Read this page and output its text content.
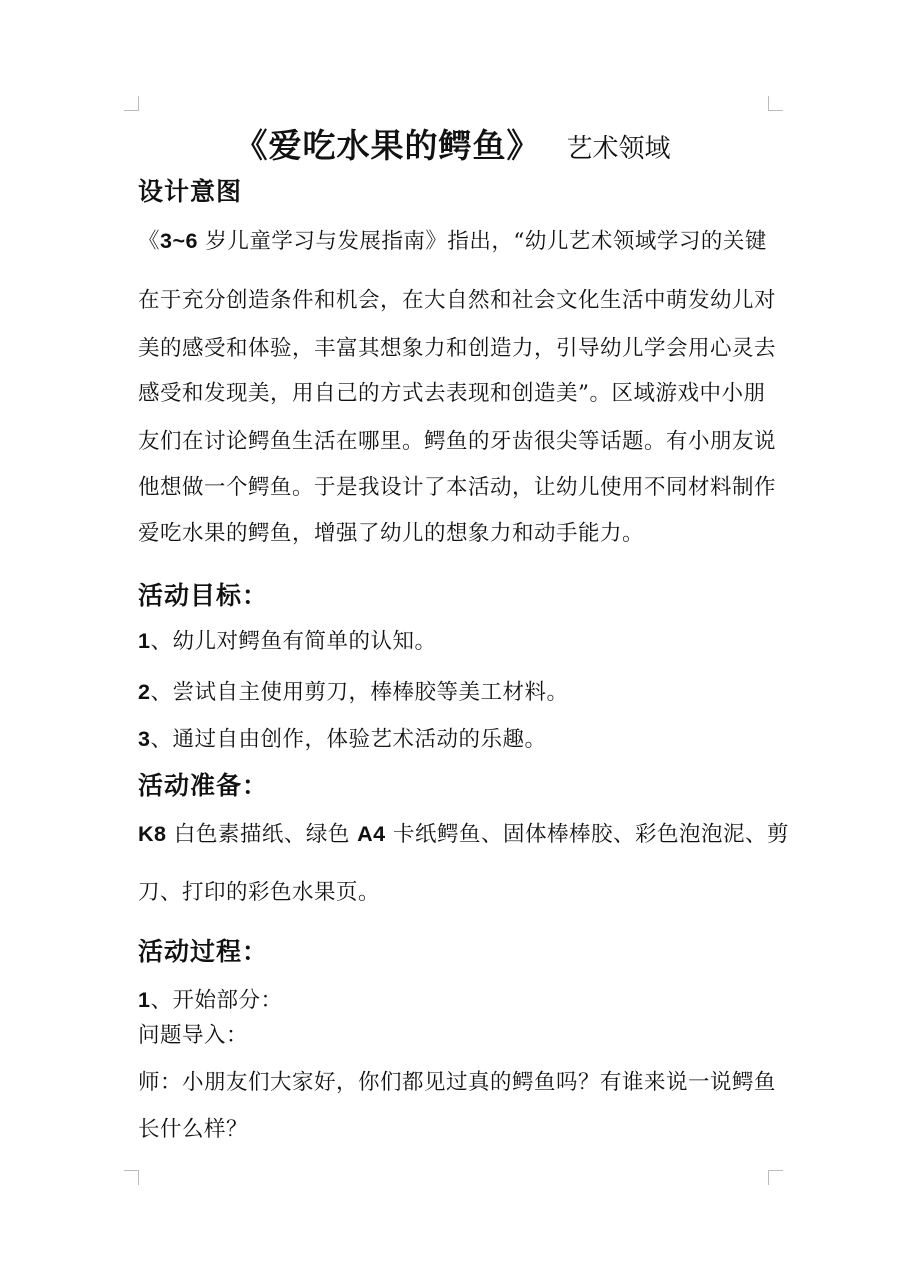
《爱吃水果的鳄鱼》 艺术领域
设计意图
《3~6 岁儿童学习与发展指南》指出，“幼儿艺术领域学习的关键
在于充分创造条件和机会，在大自然和社会文化生活中萌发幼儿对
美的感受和体验，丰富其想象力和创造力，引导幼儿学会用心灵去
感受和发现美，用自己的方式去表现和创造美”。区域游戏中小朋
友们在讨论鳄鱼生活在哪里。鳄鱼的牙齿很尖等话题。有小朋友说
他想做一个鳄鱼。于是我设计了本活动，让幼儿使用不同材料制作
爱吃水果的鳄鱼，增强了幼儿的想象力和动手能力。
活动目标：
1、幼儿对鳄鱼有简单的认知。
2、尝试自主使用剪刀，棒棒胶等美工材料。
3、通过自由创作，体验艺术活动的乐趣。
活动准备：
K8 白色素描纸、绿色 A4 卡纸鳄鱼、固体棒棒胶、彩色泡泡泥、剪
刀、打印的彩色水果页。
活动过程：
1、开始部分：
问题导入：
师：小朋友们大家好，你们都见过真的鳄鱼吗？有谁来说一说鳄鱼
长什么样？
